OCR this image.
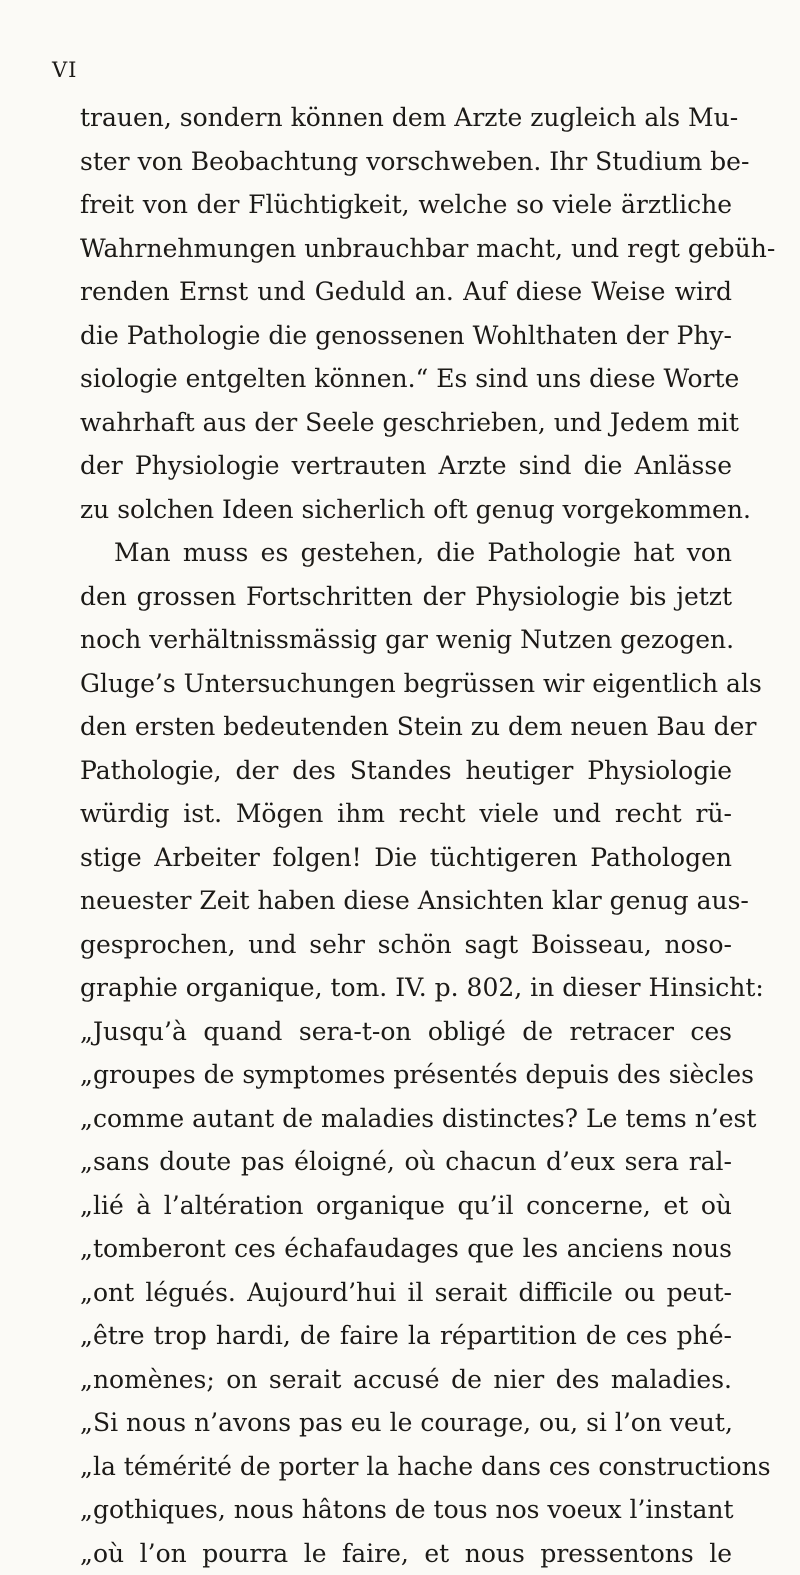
VI
trauen, sondern können dem Arzte zugleich als Mu-
ster von Beobachtung vorschweben. Ihr Studium be-
freit von der Flüchtigkeit, welche so viele ärztliche
Wahrnehmungen unbrauchbar macht, und regt gebüh-
renden Ernst und Geduld an. Auf diese Weise wird
die Pathologie die genossenen Wohlthaten der Phy-
siologie entgelten können.“ Es sind uns diese Worte
wahrhaft aus der Seele geschrieben, und Jedem mit
der Physiologie vertrauten Arzte sind die Anlässe
zu solchen Ideen sicherlich oft genug vorgekommen.
Man muss es gestehen, die Pathologie hat von
den grossen Fortschritten der Physiologie bis jetzt
noch verhältnissmässig gar wenig Nutzen gezogen.
Gluge’s Untersuchungen begrüssen wir eigentlich als
den ersten bedeutenden Stein zu dem neuen Bau der
Pathologie, der des Standes heutiger Physiologie
würdig ist. Mögen ihm recht viele und recht rü-
stige Arbeiter folgen! Die tüchtigeren Pathologen
neuester Zeit haben diese Ansichten klar genug aus-
gesprochen, und sehr schön sagt Boisseau, noso-
graphie organique, tom. IV. p. 802, in dieser Hinsicht:
„Jusqu’à quand sera-t-on obligé de retracer ces
„groupes de symptomes présentés depuis des siècles
„comme autant de maladies distinctes? Le tems n’est
„sans doute pas éloigné, où chacun d’eux sera ral-
„lié à l’altération organique qu’il concerne, et où
„tomberont ces échafaudages que les anciens nous
„ont légués. Aujourd’hui il serait difficile ou peut-
„être trop hardi, de faire la répartition de ces phé-
„nomènes; on serait accusé de nier des maladies.
„Si nous n’avons pas eu le courage, ou, si l’on veut,
„la témérité de porter la hache dans ces constructions
„gothiques, nous hâtons de tous nos voeux l’instant
„où l’on pourra le faire, et nous pressentons le
